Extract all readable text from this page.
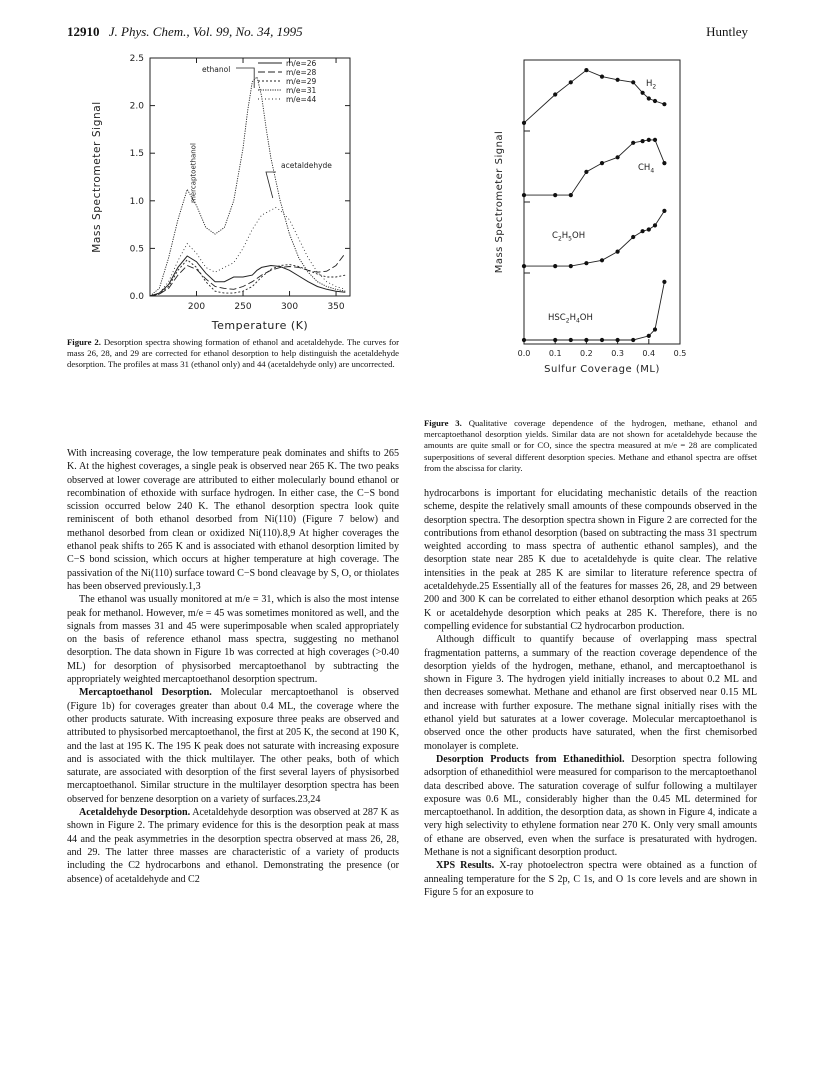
12910 J. Phys. Chem., Vol. 99, No. 34, 1995	Huntley
0.0
0.5
1.0
1.5
2.0
2.5
200	250	300	350
Mass Spectrometer Signal
Temperature (K)
m/e=26
m/e=28
m/e=29
m/e=31
m/e=44
ethanol
mercaptoethanol	acetaldehyde
Figure 2. Desorption spectra showing formation of ethanol and acetaldehyde. The curves for mass 26, 28, and 29 are corrected for ethanol desorption to help distinguish the acetaldehyde desorption. The profiles at mass 31 (ethanol only) and 44 (acetaldehyde only) are uncorrected.
0.0 0.1 0.2 0.3 0.4 0.5
Mass Spectrometer Signal
Sulfur Coverage (ML)
$H_2$
$CH_4$
$C_2H_5OH$
$HSC_2H_4OH$
Figure 3. Qualitative coverage dependence of the hydrogen, methane, ethanol and mercaptoethanol desorption yields. Similar data are not shown for acetaldehyde because the amounts are quite small or for CO, since the spectra measured at m/e = 28 are complicated superpositions of several different desorption species. Methane and ethanol spectra are offset from the abscissa for clarity.

With increasing coverage, the low temperature peak dominates and shifts to 265 K. At the highest coverages, a single peak is observed near 265 K. The two peaks observed at lower coverage are attributed to either molecularly bound ethanol or recombination of ethoxide with surface hydrogen. In either case, the C−S bond scission occurred below 240 K. The ethanol desorption spectra look quite reminiscent of both ethanol desorbed from Ni(110) (Figure 7 below) and methanol desorbed from clean or oxidized Ni(110).8,9 At higher coverages the ethanol peak shifts to 265 K and is associated with ethanol desorption limited by C−S bond scission, which occurs at higher temperature at high coverage. The passivation of the Ni(110) surface toward C−S bond cleavage by S, O, or thiolates has been observed previously.1,3

The ethanol was usually monitored at m/e = 31, which is also the most intense peak for methanol. However, m/e = 45 was sometimes monitored as well, and the signals from masses 31 and 45 were superimposable when scaled appropriately on the basis of reference ethanol mass spectra, suggesting no methanol desorption. The data shown in Figure 1b was corrected at high coverages (>0.40 ML) for desorption of physisorbed mercaptoethanol by subtracting the appropriately weighted mercaptoethanol desorption spectrum.

Mercaptoethanol Desorption. Molecular mercaptoethanol is observed (Figure 1b) for coverages greater than about 0.4 ML, the coverage where the other products saturate. With increasing exposure three peaks are observed and attributed to physisorbed mercaptoethanol, the first at 205 K, the second at 190 K, and the last at 195 K. The 195 K peak does not saturate with increasing exposure and is associated with the thick multilayer. The other peaks, both of which saturate, are associated with desorption of the first several layers of physisorbed mercaptoethanol. Similar structure in the multilayer desorption spectra has been observed for benzene desorption on a variety of surfaces.23,24

Acetaldehyde Desorption. Acetaldehyde desorption was observed at 287 K as shown in Figure 2. The primary evidence for this is the desorption peak at mass 44 and the peak asymmetries in the desorption spectra observed at mass 26, 28, and 29. The latter three masses are characteristic of a variety of products including the C2 hydrocarbons and ethanol. Demonstrating the presence (or absence) of acetaldehyde and C2

hydrocarbons is important for elucidating mechanistic details of the reaction scheme, despite the relatively small amounts of these compounds observed in the desorption spectra. The desorption spectra shown in Figure 2 are corrected for the contributions from ethanol desorption (based on subtracting the mass 31 spectrum weighted according to mass spectra of authentic ethanol samples), and the desorption state near 285 K due to acetaldehyde is quite clear. The relative intensities in the peak at 285 K are similar to literature reference spectra of acetaldehyde.25 Essentially all of the features for masses 26, 28, and 29 between 200 and 300 K can be correlated to either ethanol desorption which peaks at 265 K or acetaldehyde desorption which peaks at 285 K. Therefore, there is no compelling evidence for substantial C2 hydrocarbon production.

Although difficult to quantify because of overlapping mass spectral fragmentation patterns, a summary of the reaction coverage dependence of the desorption yields of the hydrogen, methane, ethanol, and mercaptoethanol is shown in Figure 3. The hydrogen yield initially increases to about 0.2 ML and then decreases somewhat. Methane and ethanol are first observed near 0.15 ML and increase with further exposure. The methane signal initially rises with the ethanol yield but saturates at a lower coverage. Molecular mercaptoethanol is observed once the other products have saturated, when the first chemisorbed monolayer is complete.

Desorption Products from Ethanedithiol. Desorption spectra following adsorption of ethanedithiol were measured for comparison to the mercaptoethanol data described above. The saturation coverage of sulfur following a multilayer exposure was 0.6 ML, considerably higher than the 0.45 ML determined for mercaptoethanol. In addition, the desorption data, as shown in Figure 4, indicate a very high selectivity to ethylene formation near 270 K. Only very small amounts of ethane are observed, even when the surface is presaturated with hydrogen. Methane is not a significant desorption product.

XPS Results. X-ray photoelectron spectra were obtained as a function of annealing temperature for the S 2p, C 1s, and O 1s core levels and are shown in Figure 5 for an exposure to
